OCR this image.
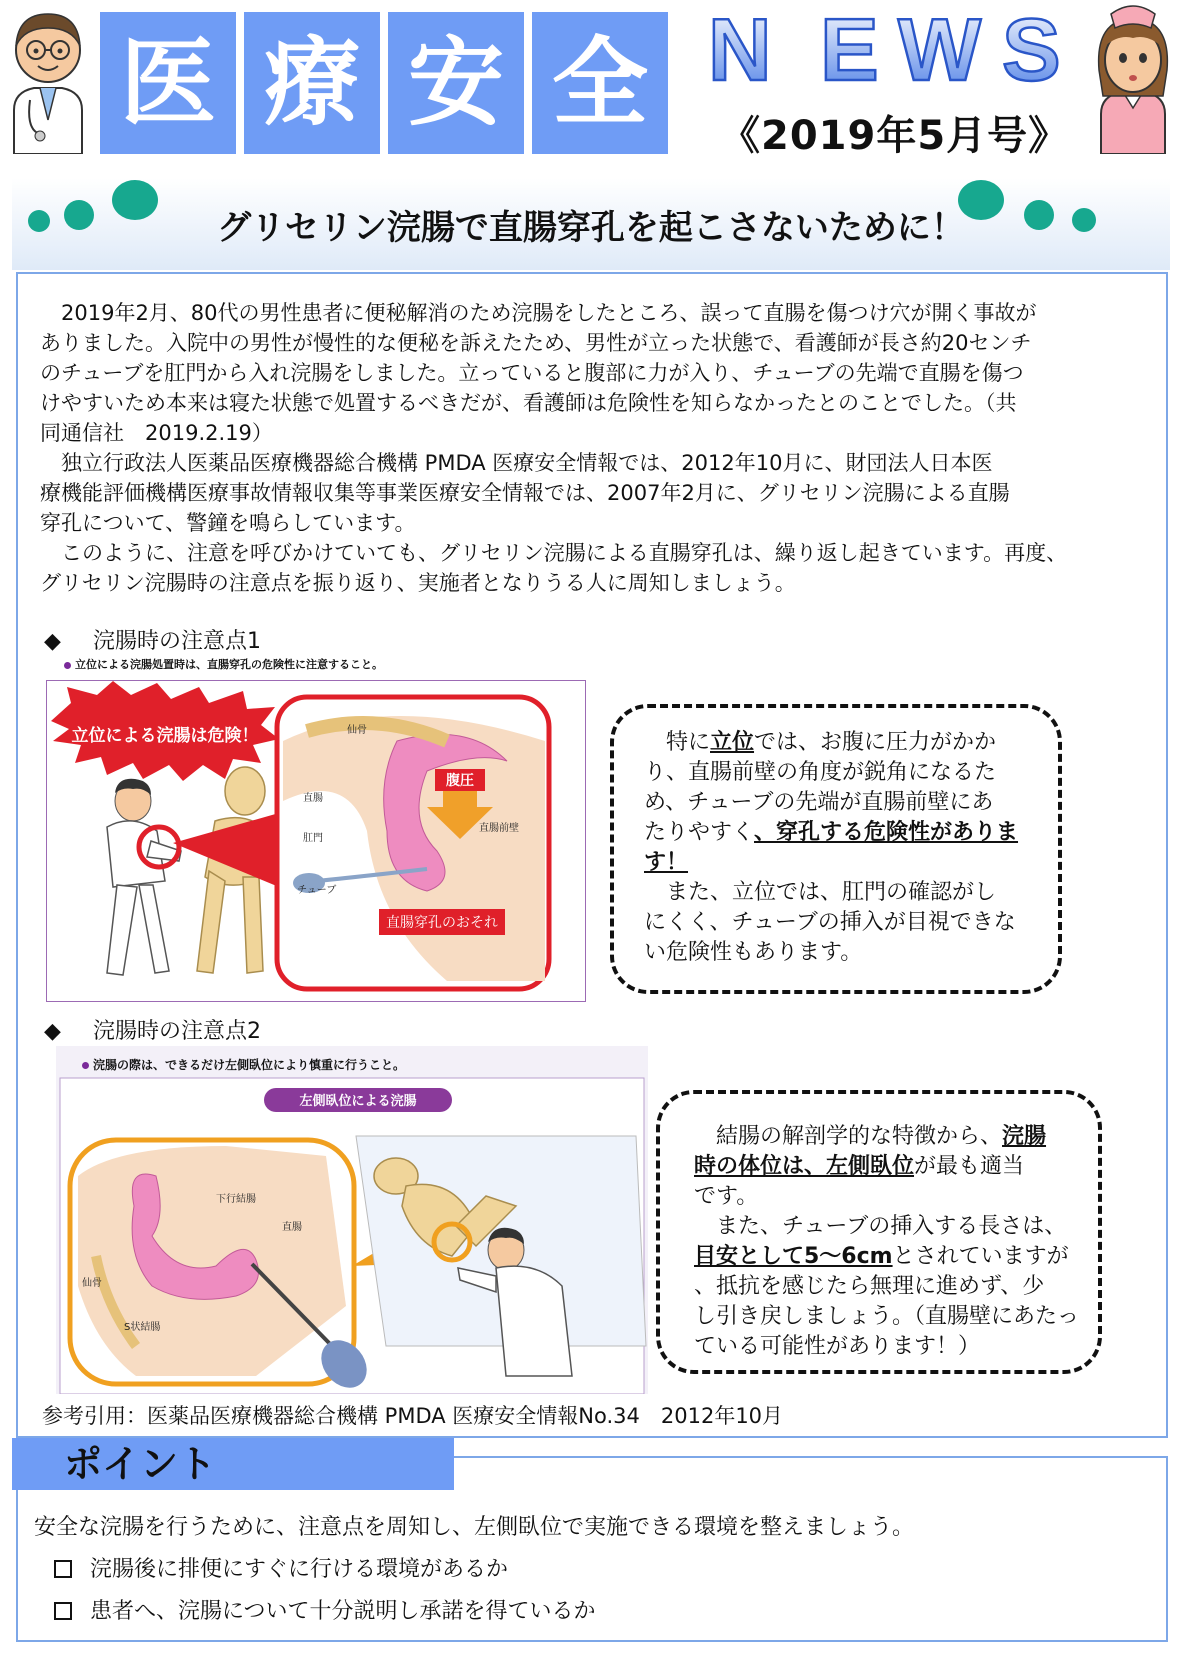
医 療 安 全 N E W S
《2019年5月号》
グリセリン浣腸で直腸穿孔を起こさないために！
　2019年2月、80代の男性患者に便秘解消のため浣腸をしたところ、誤って直腸を傷つけ穴が開く事故が
ありました。入院中の男性が慢性的な便秘を訴えたため、男性が立った状態で、看護師が長さ約20センチ
のチューブを肛門から入れ浣腸をしました。立っていると腹部に力が入り、チューブの先端で直腸を傷つ
けやすいため本来は寝た状態で処置するべきだが、看護師は危険性を知らなかったとのことでした。（共
同通信社　2019.2.19）
　独立行政法人医薬品医療機器総合機構 PMDA 医療安全情報では、2012年10月に、財団法人日本医
療機能評価機構医療事故情報収集等事業医療安全情報では、2007年2月に、グリセリン浣腸による直腸
穿孔について、警鐘を鳴らしています。
　このように、注意を呼びかけていても、グリセリン浣腸による直腸穿孔は、繰り返し起きています。再度、
グリセリン浣腸時の注意点を振り返り、実施者となりうる人に周知しましょう。
◆ 浣腸時の注意点1
立位による浣腸処置時は、直腸穿孔の危険性に注意すること。
立位による浣腸は危険！
腹圧
仙骨
直腸
肛門
チューブ
直腸前壁
直腸穿孔のおそれ
　特に立位では、お腹に圧力がかか
り、直腸前壁の角度が鋭角になるた
め、チューブの先端が直腸前壁にあ
たりやすく、穿孔する危険性がありま
す！
　また、立位では、肛門の確認がし
にくく、チューブの挿入が目視できな
い危険性もあります。
◆ 浣腸時の注意点2
浣腸の際は、できるだけ左側臥位により慎重に行うこと。
左側臥位による浣腸
下行結腸
直腸
仙骨
S状結腸
　結腸の解剖学的な特徴から、浣腸
時の体位は、左側臥位が最も適当
です。
　また、チューブの挿入する長さは、
目安として5〜6cmとされていますが
、抵抗を感じたら無理に進めず、少
し引き戻しましょう。（直腸壁にあたっ
ている可能性があります！）
参考引用：医薬品医療機器総合機構 PMDA 医療安全情報No.34　2012年10月
ポイント
安全な浣腸を行うために、注意点を周知し、左側臥位で実施できる環境を整えましょう。
浣腸後に排便にすぐに行ける環境があるか
患者へ、浣腸について十分説明し承諾を得ているか
